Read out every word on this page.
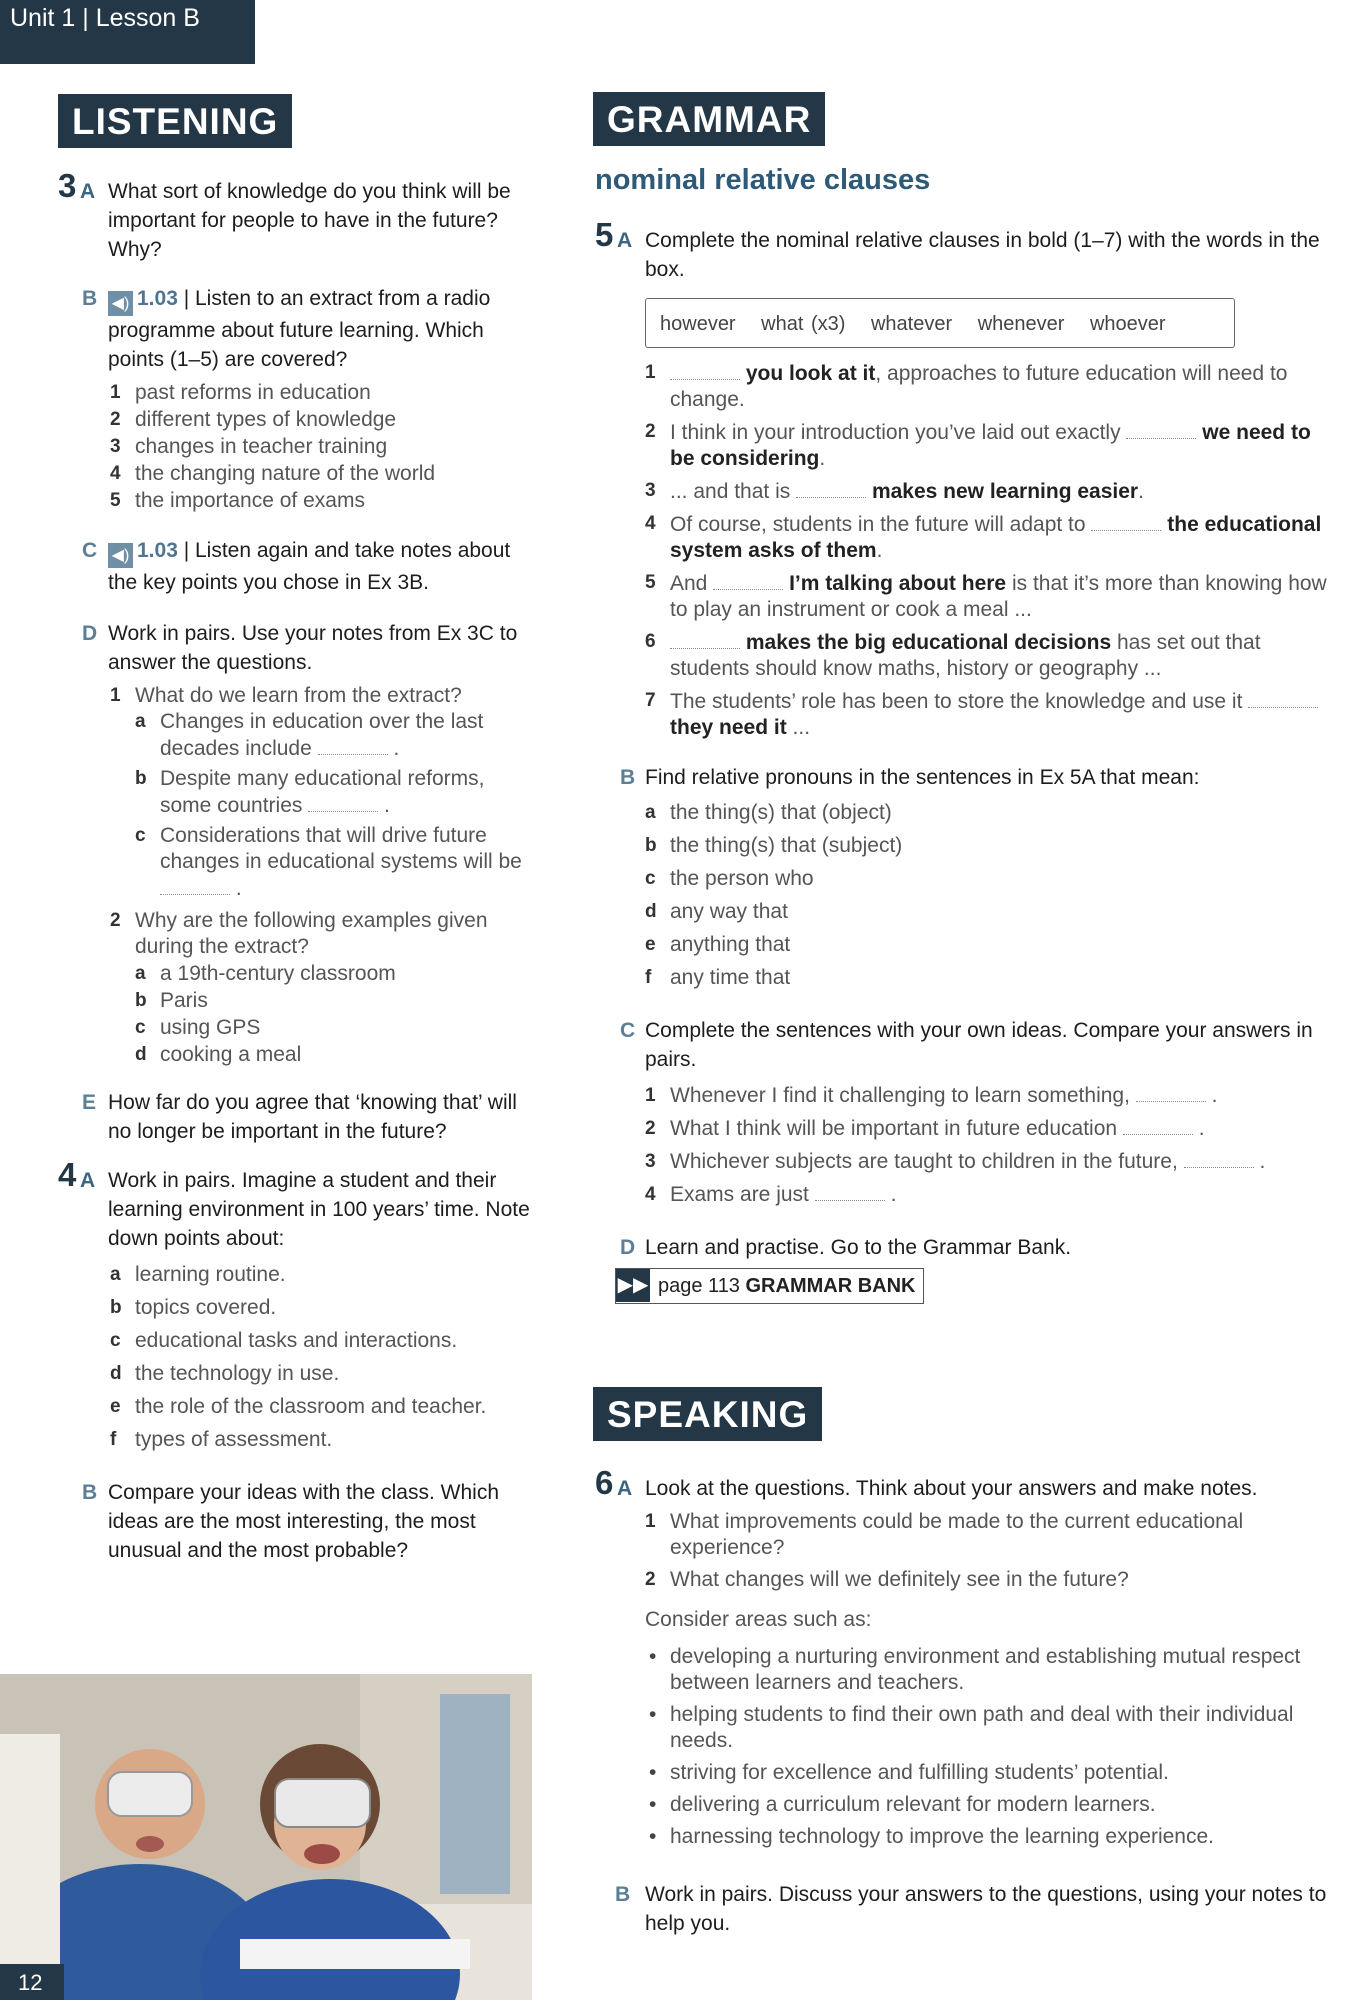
Unit 1 | Lesson B
LISTENING
3 A What sort of knowledge do you think will be important for people to have in the future? Why?
B ◀) 1.03 | Listen to an extract from a radio programme about future learning. Which points (1–5) are covered?
1 past reforms in education
2 different types of knowledge
3 changes in teacher training
4 the changing nature of the world
5 the importance of exams
C ◀) 1.03 | Listen again and take notes about the key points you chose in Ex 3B.
D Work in pairs. Use your notes from Ex 3C to answer the questions.
1 What do we learn from the extract?
a Changes in education over the last decades include	.
b Despite many educational reforms, some countries	.
c Considerations that will drive future changes in educational systems will be  .
2 Why are the following examples given during the extract?
a a 19th-century classroom
b Paris
c using GPS
d cooking a meal
E How far do you agree that ‘knowing that’ will no longer be important in the future?
4 A Work in pairs. Imagine a student and their learning environment in 100 years’ time. Note down points about:
a learning routine.
b topics covered.
c educational tasks and interactions.
d the technology in use.
e the role of the classroom and teacher.
f types of assessment.
B Compare your ideas with the class. Which ideas are the most interesting, the most unusual and the most probable?
12
GRAMMAR
nominal relative clauses
5 A Complete the nominal relative clauses in bold (1–7) with the words in the box.
however what (x3) whatever whenever whoever
1	you look at it, approaches to future education will need to change.
2 I think in your introduction you’ve laid out exactly	we need to be considering.
3 ... and that is	makes new learning easier.
4 Of course, students in the future will adapt to	the educational system asks of them.
5 And	I’m talking about here is that it’s more than knowing how to play an instrument or cook a meal ...
6	makes the big educational decisions has set out that students should know maths, history or geography ...
7 The students’ role has been to store the knowledge and use it  they need it ...
B Find relative pronouns in the sentences in Ex 5A that mean:
a the thing(s) that (object)
b the thing(s) that (subject)
c the person who
d any way that
e anything that
f any time that
C Complete the sentences with your own ideas. Compare your answers in pairs.
1 Whenever I find it challenging to learn something,	.
2 What I think will be important in future education	.
3 Whichever subjects are taught to children in the future,	.
4 Exams are just	.
D Learn and practise. Go to the Grammar Bank.
▶▶ page 113 GRAMMAR BANK
SPEAKING
6 A Look at the questions. Think about your answers and make notes.
1 What improvements could be made to the current educational experience?
2 What changes will we definitely see in the future?
Consider areas such as:
• developing a nurturing environment and establishing mutual respect between learners and teachers.
• helping students to find their own path and deal with their individual needs.
• striving for excellence and fulfilling students’ potential.
• delivering a curriculum relevant for modern learners.
• harnessing technology to improve the learning experience.
B Work in pairs. Discuss your answers to the questions, using your notes to help you.
